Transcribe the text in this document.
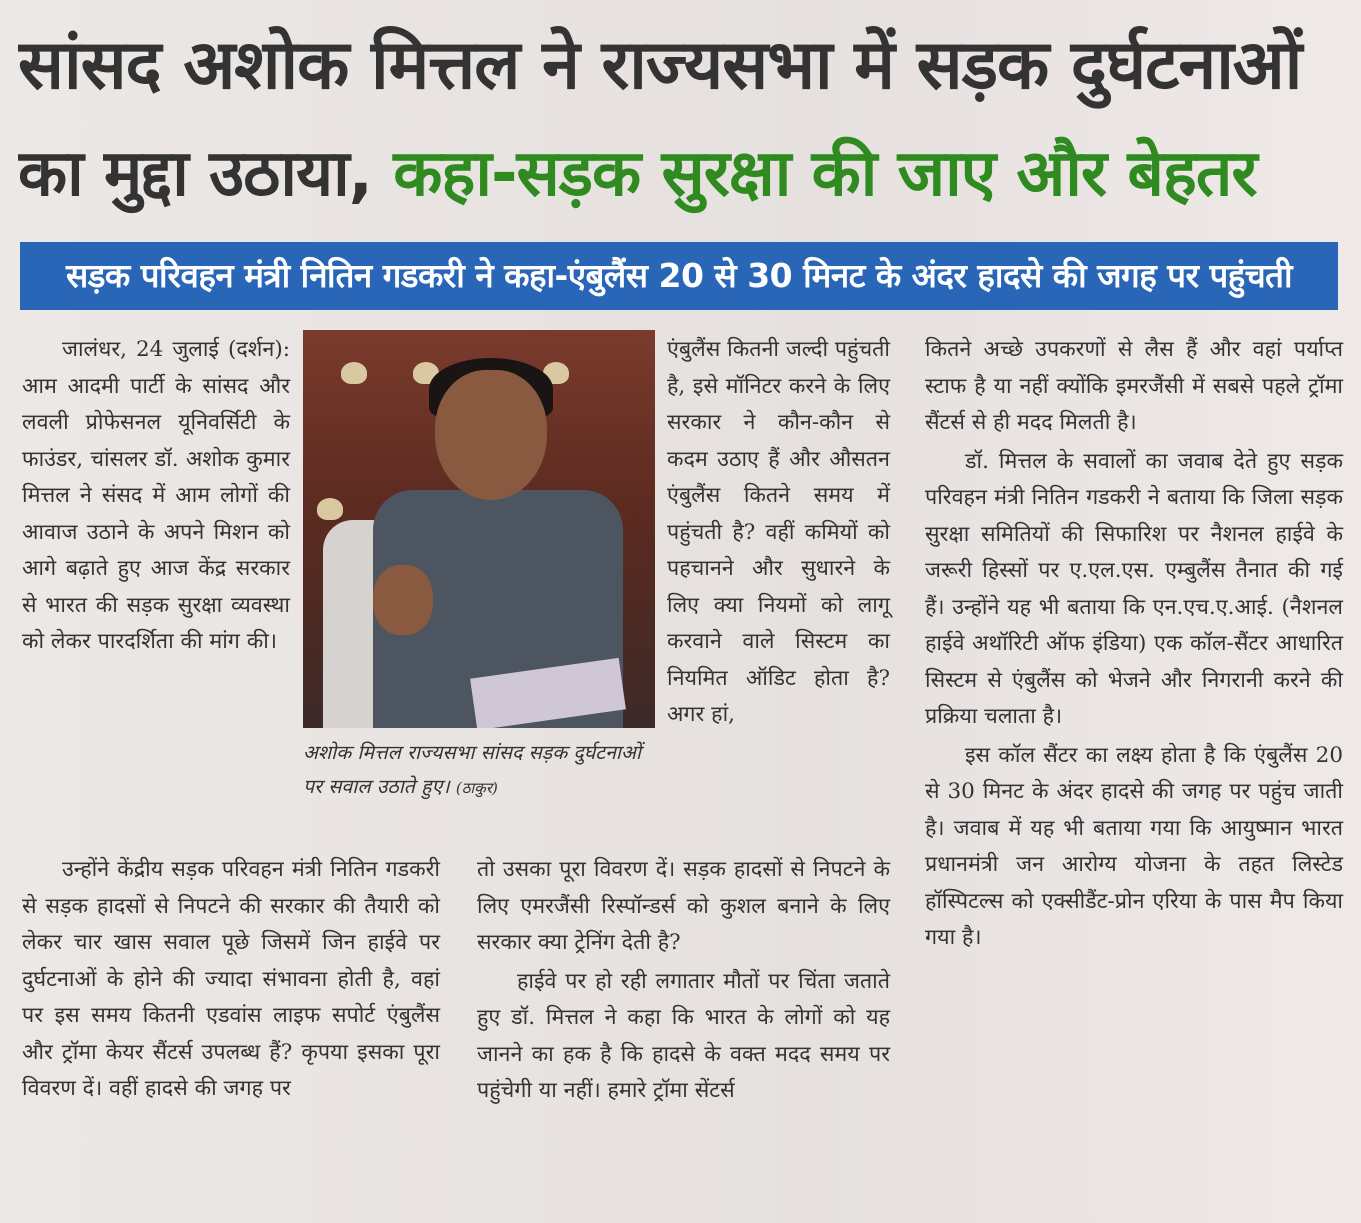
सांसद अशोक मित्तल ने राज्यसभा में सड़क दुर्घटनाओं
का मुद्दा उठाया, कहा-सड़क सुरक्षा की जाए और बेहतर
सड़क परिवहन मंत्री नितिन गडकरी ने कहा-एंबुलैंस 20 से 30 मिनट के अंदर हादसे की जगह पर पहुंचती

जालंधर, 24 जुलाई (दर्शन): आम आदमी पार्टी के सांसद और लवली प्रोफेसनल यूनिवर्सिटी के फाउंडर, चांसलर डॉ. अशोक कुमार मित्तल ने संसद में आम लोगों की आवाज उठाने के अपने मिशन को आगे बढ़ाते हुए आज केंद्र सरकार से भारत की सड़क सुरक्षा व्यवस्था को लेकर पारदर्शिता की मांग की।

अशोक मित्तल राज्यसभा सांसद सड़क दुर्घटनाओं पर सवाल उठाते हुए। (ठाकुर)

एंबुलैंस कितनी जल्दी पहुंचती है, इसे मॉनिटर करने के लिए सरकार ने कौन-कौन से कदम उठाए हैं और औसतन एंबुलैंस कितने समय में पहुंचती है? वहीं कमियों को पहचानने और सुधारने के लिए क्या नियमों को लागू करवाने वाले सिस्टम का नियमित ऑडिट होता है? अगर हां,

कितने अच्छे उपकरणों से लैस हैं और वहां पर्याप्त स्टाफ है या नहीं क्योंकि इमरजैंसी में सबसे पहले ट्रॉमा सैंटर्स से ही मदद मिलती है।

डॉ. मित्तल के सवालों का जवाब देते हुए सड़क परिवहन मंत्री नितिन गडकरी ने बताया कि जिला सड़क सुरक्षा समितियों की सिफारिश पर नैशनल हाईवे के जरूरी हिस्सों पर ए.एल.एस. एम्बुलैंस तैनात की गई हैं। उन्होंने यह भी बताया कि एन.एच.ए.आई. (नैशनल हाईवे अथॉरिटी ऑफ इंडिया) एक कॉल-सैंटर आधारित सिस्टम से एंबुलैंस को भेजने और निगरानी करने की प्रक्रिया चलाता है।

इस कॉल सैंटर का लक्ष्य होता है कि एंबुलैंस 20 से 30 मिनट के अंदर हादसे की जगह पर पहुंच जाती है। जवाब में यह भी बताया गया कि आयुष्मान भारत प्रधानमंत्री जन आरोग्य योजना के तहत लिस्टेड हॉस्पिटल्स को एक्सीडैंट-प्रोन एरिया के पास मैप किया गया है।

उन्होंने केंद्रीय सड़क परिवहन मंत्री नितिन गडकरी से सड़क हादसों से निपटने की सरकार की तैयारी को लेकर चार खास सवाल पूछे जिसमें जिन हाईवे पर दुर्घटनाओं के होने की ज्यादा संभावना होती है, वहां पर इस समय कितनी एडवांस लाइफ सपोर्ट एंबुलैंस और ट्रॉमा केयर सैंटर्स उपलब्ध हैं? कृपया इसका पूरा विवरण दें। वहीं हादसे की जगह पर

तो उसका पूरा विवरण दें। सड़क हादसों से निपटने के लिए एमरजैंसी रिस्पॉन्डर्स को कुशल बनाने के लिए सरकार क्या ट्रेनिंग देती है?

हाईवे पर हो रही लगातार मौतों पर चिंता जताते हुए डॉ. मित्तल ने कहा कि भारत के लोगों को यह जानने का हक है कि हादसे के वक्त मदद समय पर पहुंचेगी या नहीं। हमारे ट्रॉमा सेंटर्स
